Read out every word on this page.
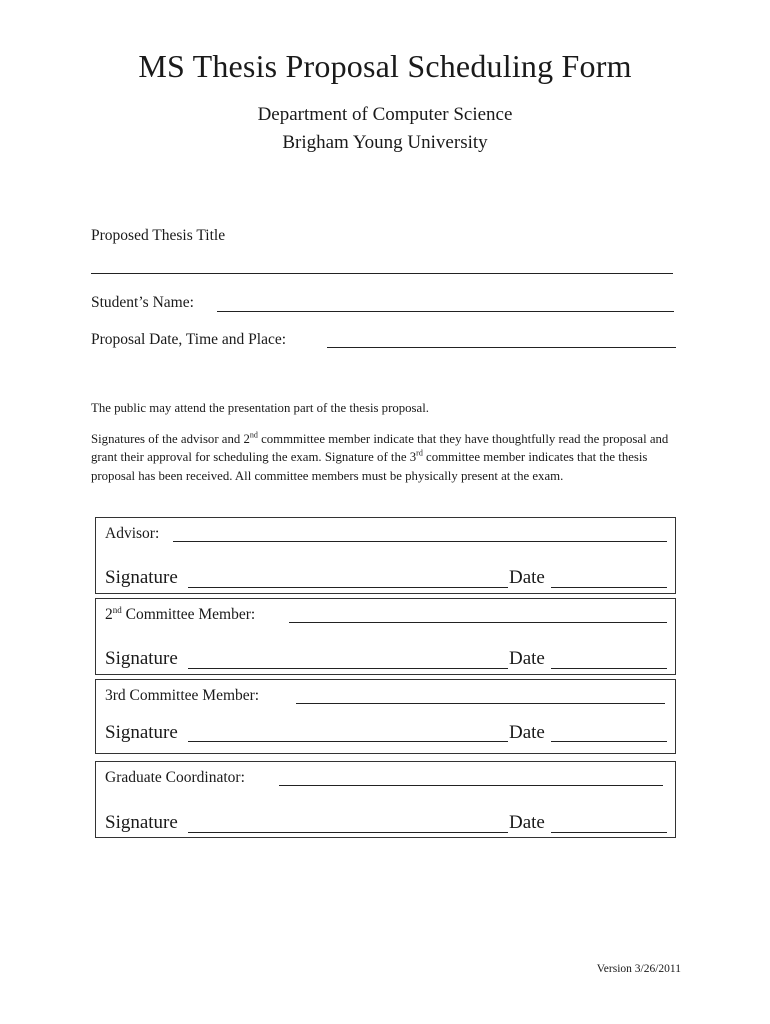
MS Thesis Proposal Scheduling Form
Department of Computer Science
Brigham Young University
Proposed Thesis Title
Student’s Name:
Proposal Date, Time and Place:
The public may attend the presentation part of the thesis proposal.
Signatures of the advisor and 2nd commmittee member indicate that they have thoughtfully read the proposal and grant their approval for scheduling the exam. Signature of the 3rd committee member indicates that the thesis proposal has been received. All committee members must be physically present at the exam.
Advisor:
Signature	Date
2nd Committee Member:
Signature	Date
3rd Committee Member:
Signature	Date
Graduate Coordinator:
Signature	Date
Version 3/26/2011
